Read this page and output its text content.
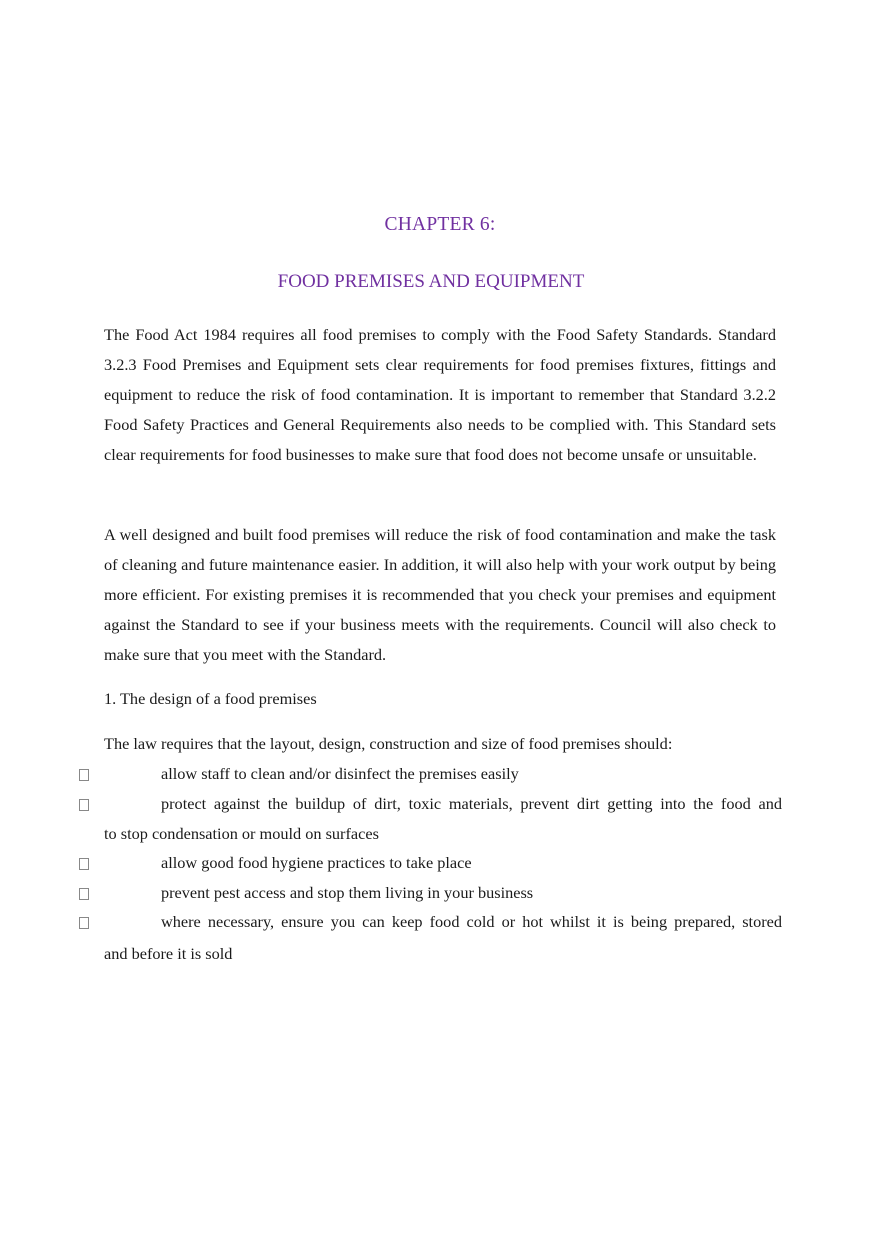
CHAPTER 6:
FOOD PREMISES AND EQUIPMENT

The Food Act 1984 requires all food premises to comply with the Food Safety Standards. Standard 3.2.3 Food Premises and Equipment sets clear requirements for food premises fixtures, fittings and equipment to reduce the risk of food contamination. It is important to remember that Standard 3.2.2 Food Safety Practices and General Requirements also needs to be complied with. This Standard sets clear requirements for food businesses to make sure that food does not become unsafe or unsuitable.

A well designed and built food premises will reduce the risk of food contamination and make the task of cleaning and future maintenance easier. In addition, it will also help with your work output by being more efficient. For existing premises it is recommended that you check your premises and equipment against the Standard to see if your business meets with the requirements. Council will also check to make sure that you meet with the Standard.

1. The design of a food premises

The law requires that the layout, design, construction and size of food premises should:

allow staff to clean and/or disinfect the premises easily

protect against the buildup of dirt, toxic materials, prevent dirt getting into the food and

to stop condensation or mould on surfaces

allow good food hygiene practices to take place

prevent pest access and stop them living in your business

where necessary, ensure you can keep food cold or hot whilst it is being prepared, stored

and before it is sold
